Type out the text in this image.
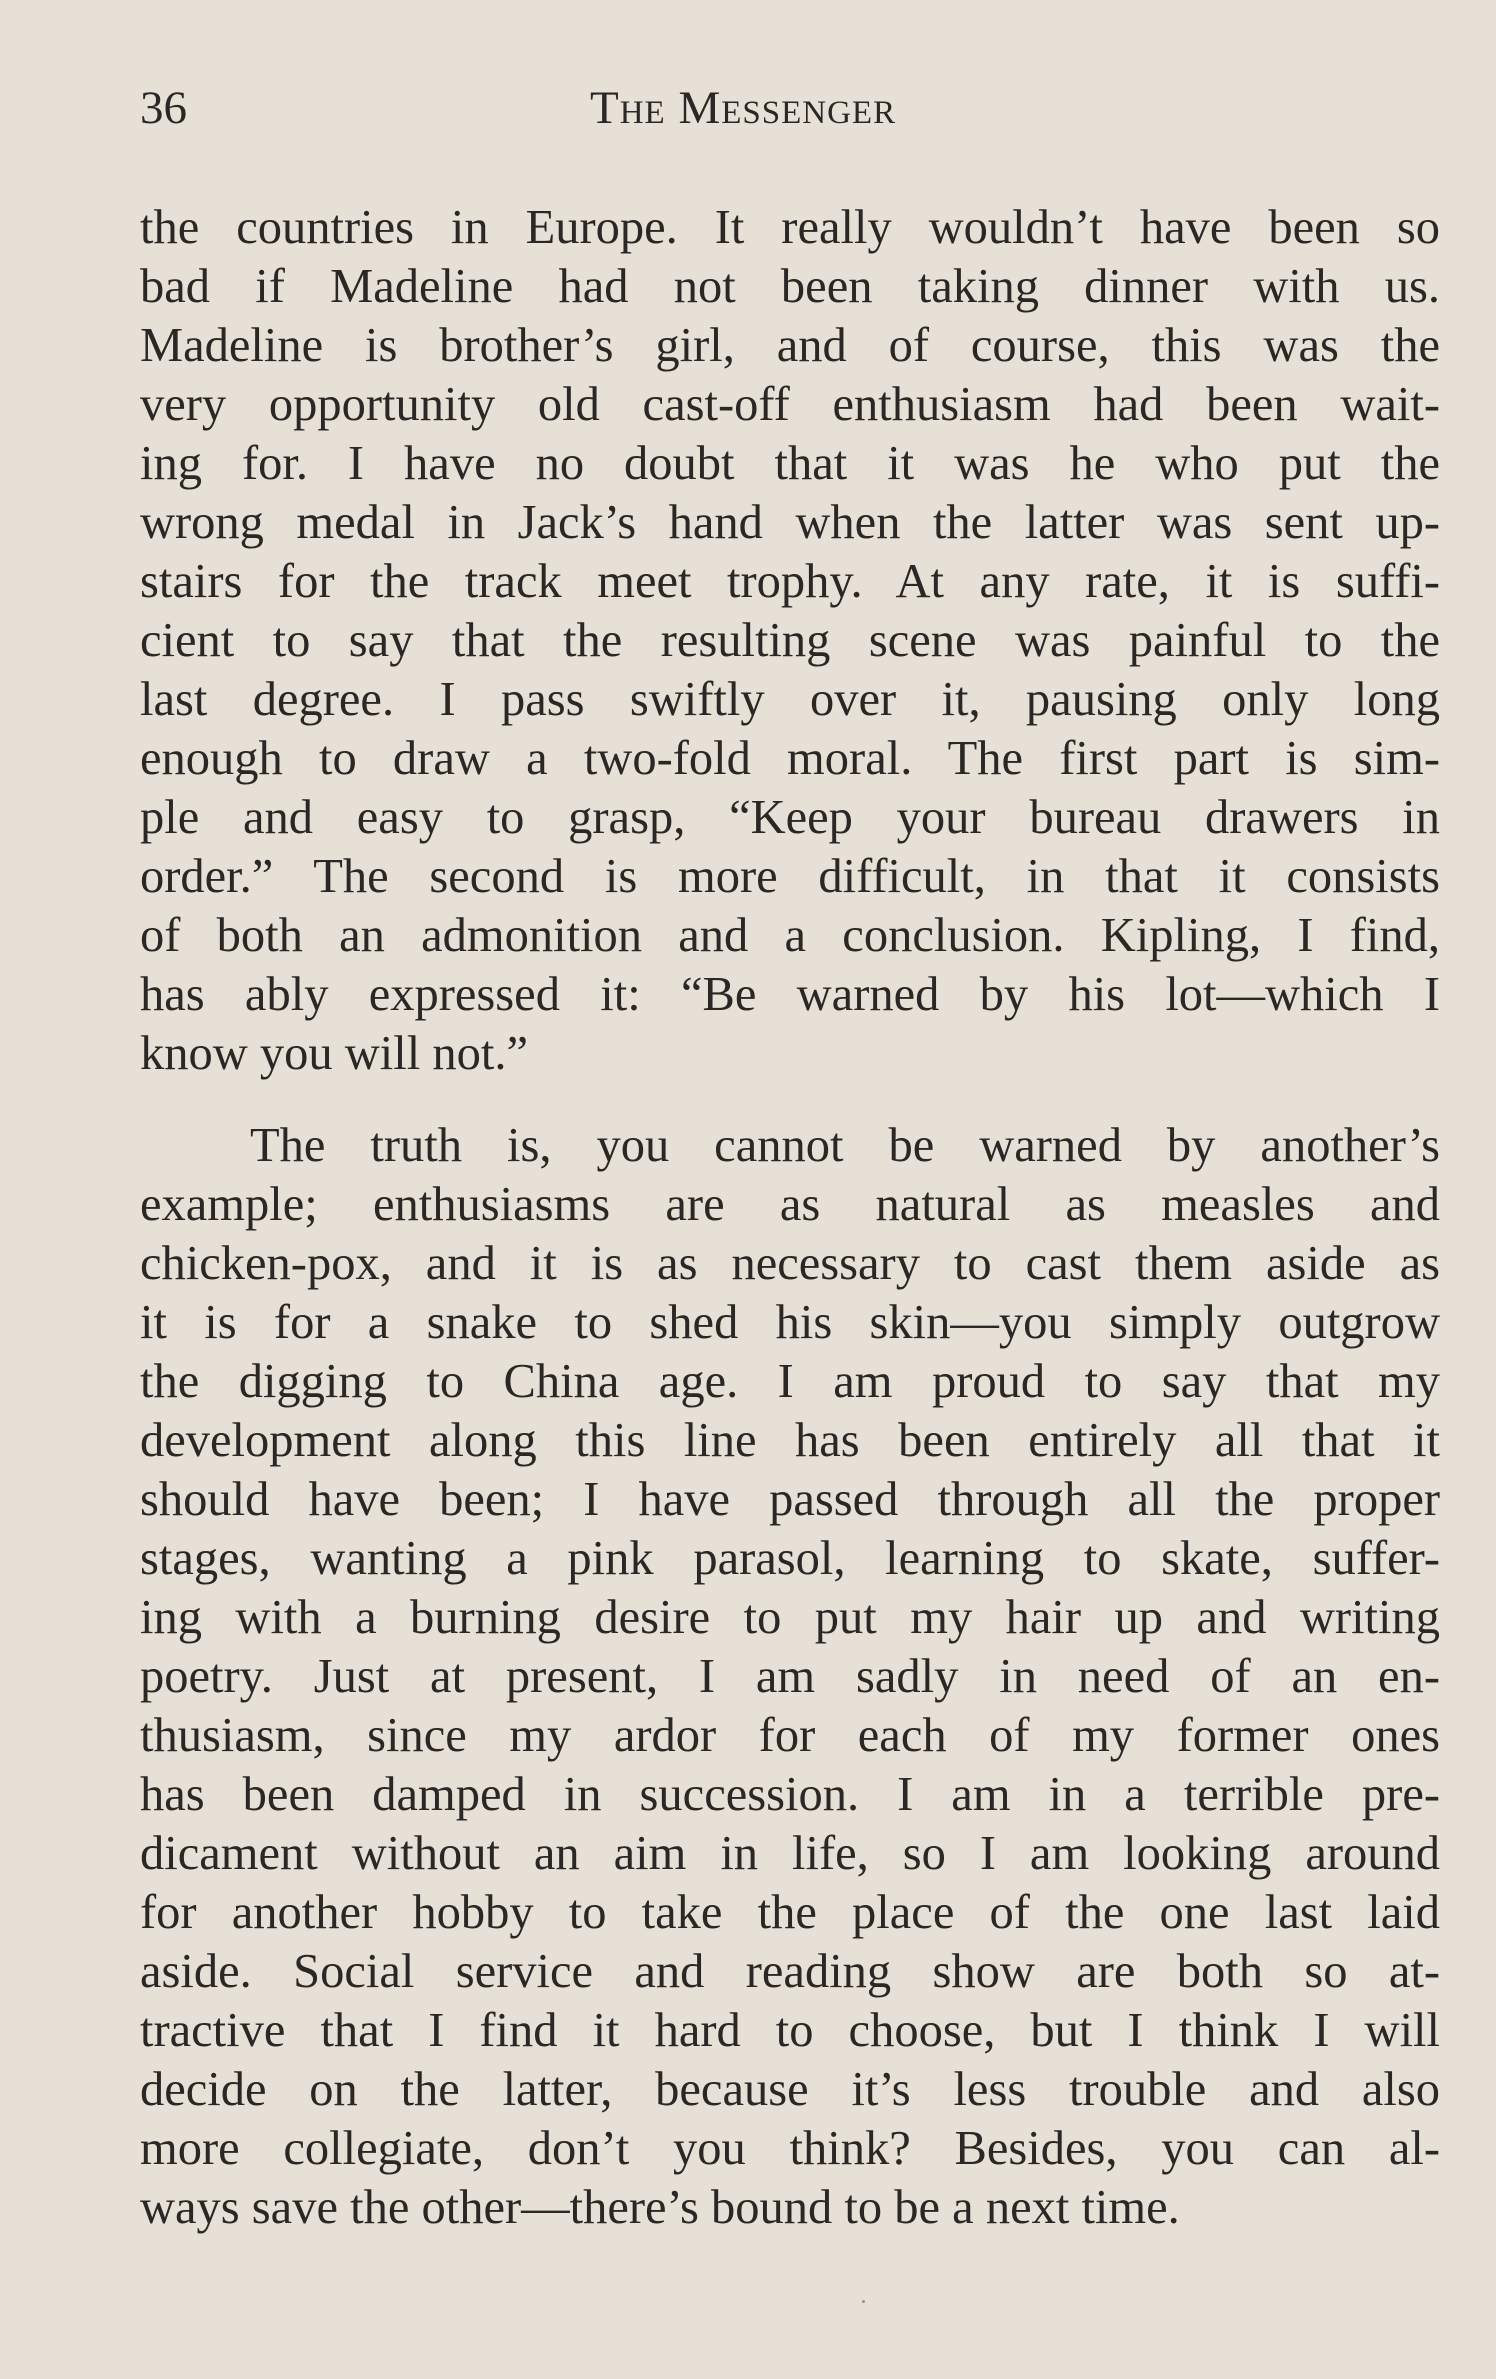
36	The Messenger
the countries in Europe. It really wouldn’t have been so
bad if Madeline had not been taking dinner with us.
Madeline is brother’s girl, and of course, this was the
very opportunity old cast-off enthusiasm had been wait-
ing for. I have no doubt that it was he who put the
wrong medal in Jack’s hand when the latter was sent up-
stairs for the track meet trophy. At any rate, it is suffi-
cient to say that the resulting scene was painful to the
last degree. I pass swiftly over it, pausing only long
enough to draw a two-fold moral. The first part is sim-
ple and easy to grasp, “Keep your bureau drawers in
order.” The second is more difficult, in that it consists
of both an admonition and a conclusion. Kipling, I find,
has ably expressed it: “Be warned by his lot—which I
know you will not.”
The truth is, you cannot be warned by another’s
example; enthusiasms are as natural as measles and
chicken-pox, and it is as necessary to cast them aside as
it is for a snake to shed his skin—you simply outgrow
the digging to China age. I am proud to say that my
development along this line has been entirely all that it
should have been; I have passed through all the proper
stages, wanting a pink parasol, learning to skate, suffer-
ing with a burning desire to put my hair up and writing
poetry. Just at present, I am sadly in need of an en-
thusiasm, since my ardor for each of my former ones
has been damped in succession. I am in a terrible pre-
dicament without an aim in life, so I am looking around
for another hobby to take the place of the one last laid
aside. Social service and reading show are both so at-
tractive that I find it hard to choose, but I think I will
decide on the latter, because it’s less trouble and also
more collegiate, don’t you think? Besides, you can al-
ways save the other—there’s bound to be a next time.
